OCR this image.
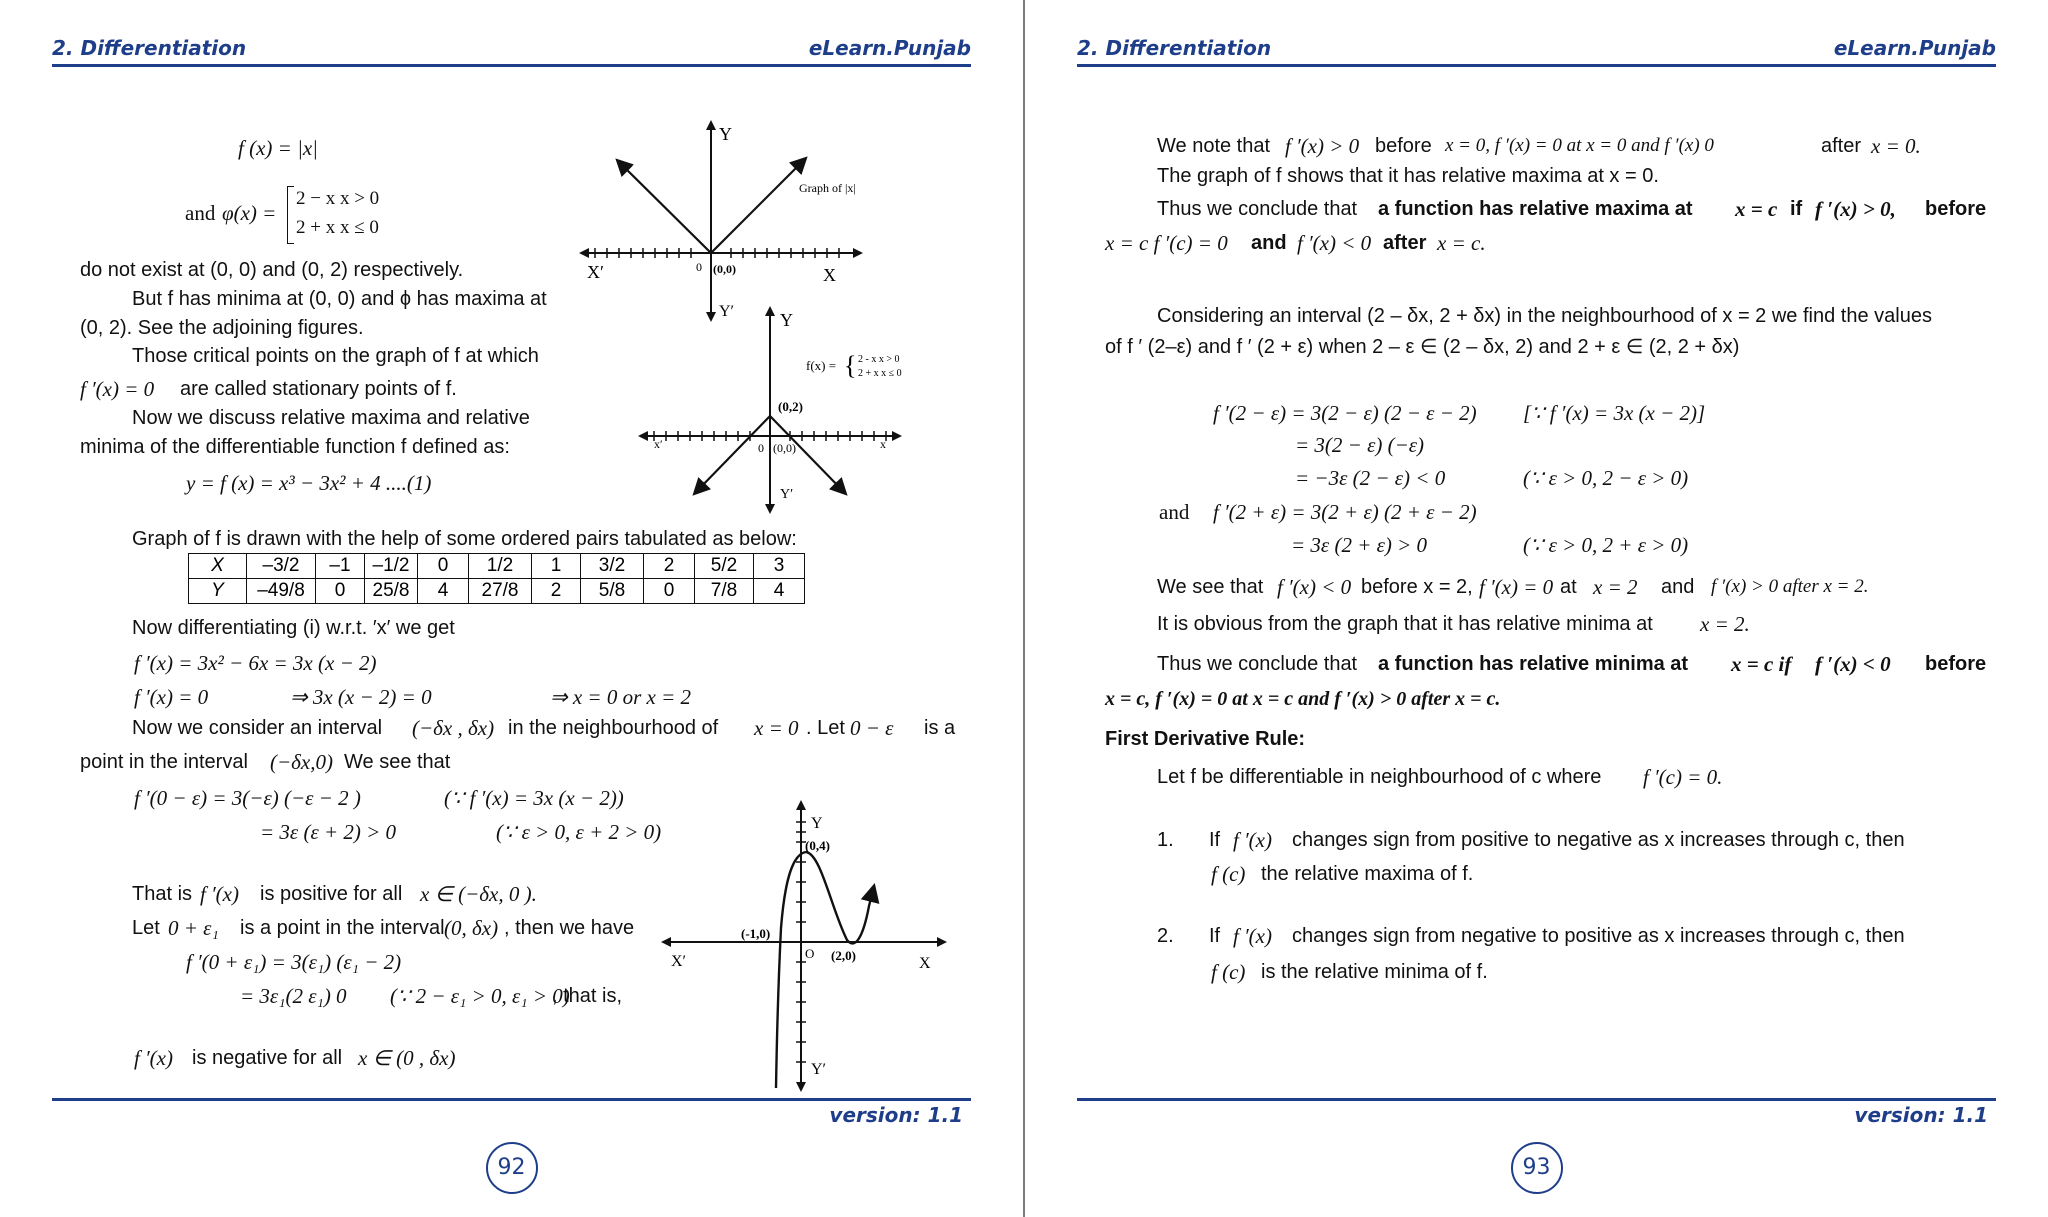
2. Differentiation	eLearn.Punjab
f (x) = |x|
and φ(x) =
2 − x x > 0
2 + x x ≤ 0
do not exist at (0, 0) and (0, 2) respectively.
But f has minima at (0, 0) and ϕ has maxima at
(0, 2). See the adjoining figures.
Those critical points on the graph of f at which
f ′(x) = 0 are called stationary points of f.
Now we discuss relative maxima and relative
minima of the differentiable function f defined as:
y = f (x) = x³ − 3x² + 4 ....(1)
Graph of f is drawn with the help of some ordered pairs tabulated as below:
X	–3/2	–1	–1/2	0	1/2	1	3/2	2	5/2	3
Y	–49/8	0	25/8	4	27/8	2	5/8	0	7/8	4
Now differentiating (i) w.r.t. ′x′ we get
f ′(x) = 3x² − 6x = 3x (x − 2)
f ′(x) = 0	⇒ 3x (x − 2) = 0	⇒ x = 0 or x = 2
Now we consider an interval (−δx , δx) in the neighbourhood of x = 0 . Let 0 − ε is a
point in the interval (−δx,0) We see that
f ′(0 − ε) = 3(−ε) (−ε − 2 )	(∵ f ′(x) = 3x (x − 2))
= 3ε (ε + 2) > 0	(∵ ε > 0, ε + 2 > 0)
That is f ′(x) is positive for all x ∈ (−δx, 0 ).
Let 0 + ε₁ is a point in the interval (0, δx) , then we have
f ′(0 + ε₁) = 3(ε₁) (ε₁ − 2)
= 3ε₁(2 ε₁) 0 (∵ 2 − ε₁ > 0, ε₁ > 0)
, that is,
f ′(x) is negative for all x ∈ (0 , δx)
Y
X
X′
Y′
0 (0,0)
Graph of |x|
Y
x′	x
Y′
0 (0,0)
(0,2)
f(x) = { 2 - x x > 0
2 + x x ≤ 0
Y
X′	X
Y′
O
(0,4)
(-1,0)
(2,0)
version: 1.1
92
2. Differentiation	eLearn.Punjab
We note that f ′(x) > 0 before x = 0, f ′(x) = 0 at x = 0 and f ′(x) 0	after x = 0.
The graph of f shows that it has relative maxima at x = 0.
Thus we conclude that a function has relative maxima at x = c if f ′(x) > 0, before
x = c f ′(c) = 0 and f ′(x) < 0 after x = c.
Considering an interval (2 – δx, 2 + δx) in the neighbourhood of x = 2 we find the values
of f ′ (2–ε) and f ′ (2 + ε) when 2 – ε ∈ (2 – δx, 2) and 2 + ε ∈ (2, 2 + δx)
f ′(2 − ε) = 3(2 − ε) (2 − ε − 2) [∵ f ′(x) = 3x (x − 2)]
= 3(2 − ε) (−ε)
= −3ε (2 − ε) < 0	(∵ ε > 0, 2 − ε > 0)
and f ′(2 + ε) = 3(2 + ε) (2 + ε − 2)
= 3ε (2 + ε) > 0	(∵ ε > 0, 2 + ε > 0)
We see that f ′(x) < 0 before x = 2, f ′(x) = 0 at x = 2 and f ′(x) > 0 after x = 2.
It is obvious from the graph that it has relative minima at x = 2.
Thus we conclude that a function has relative minima at x = c if f ′(x) < 0 before
x = c, f ′(x) = 0 at x = c and f ′(x) > 0 after x = c.
First Derivative Rule:
Let f be differentiable in neighbourhood of c where f ′(c) = 0.
1. If f ′(x) changes sign from positive to negative as x increases through c, then
f (c) the relative maxima of f.
2. If f ′(x) changes sign from negative to positive as x increases through c, then
f (c) is the relative minima of f.
version: 1.1
93
